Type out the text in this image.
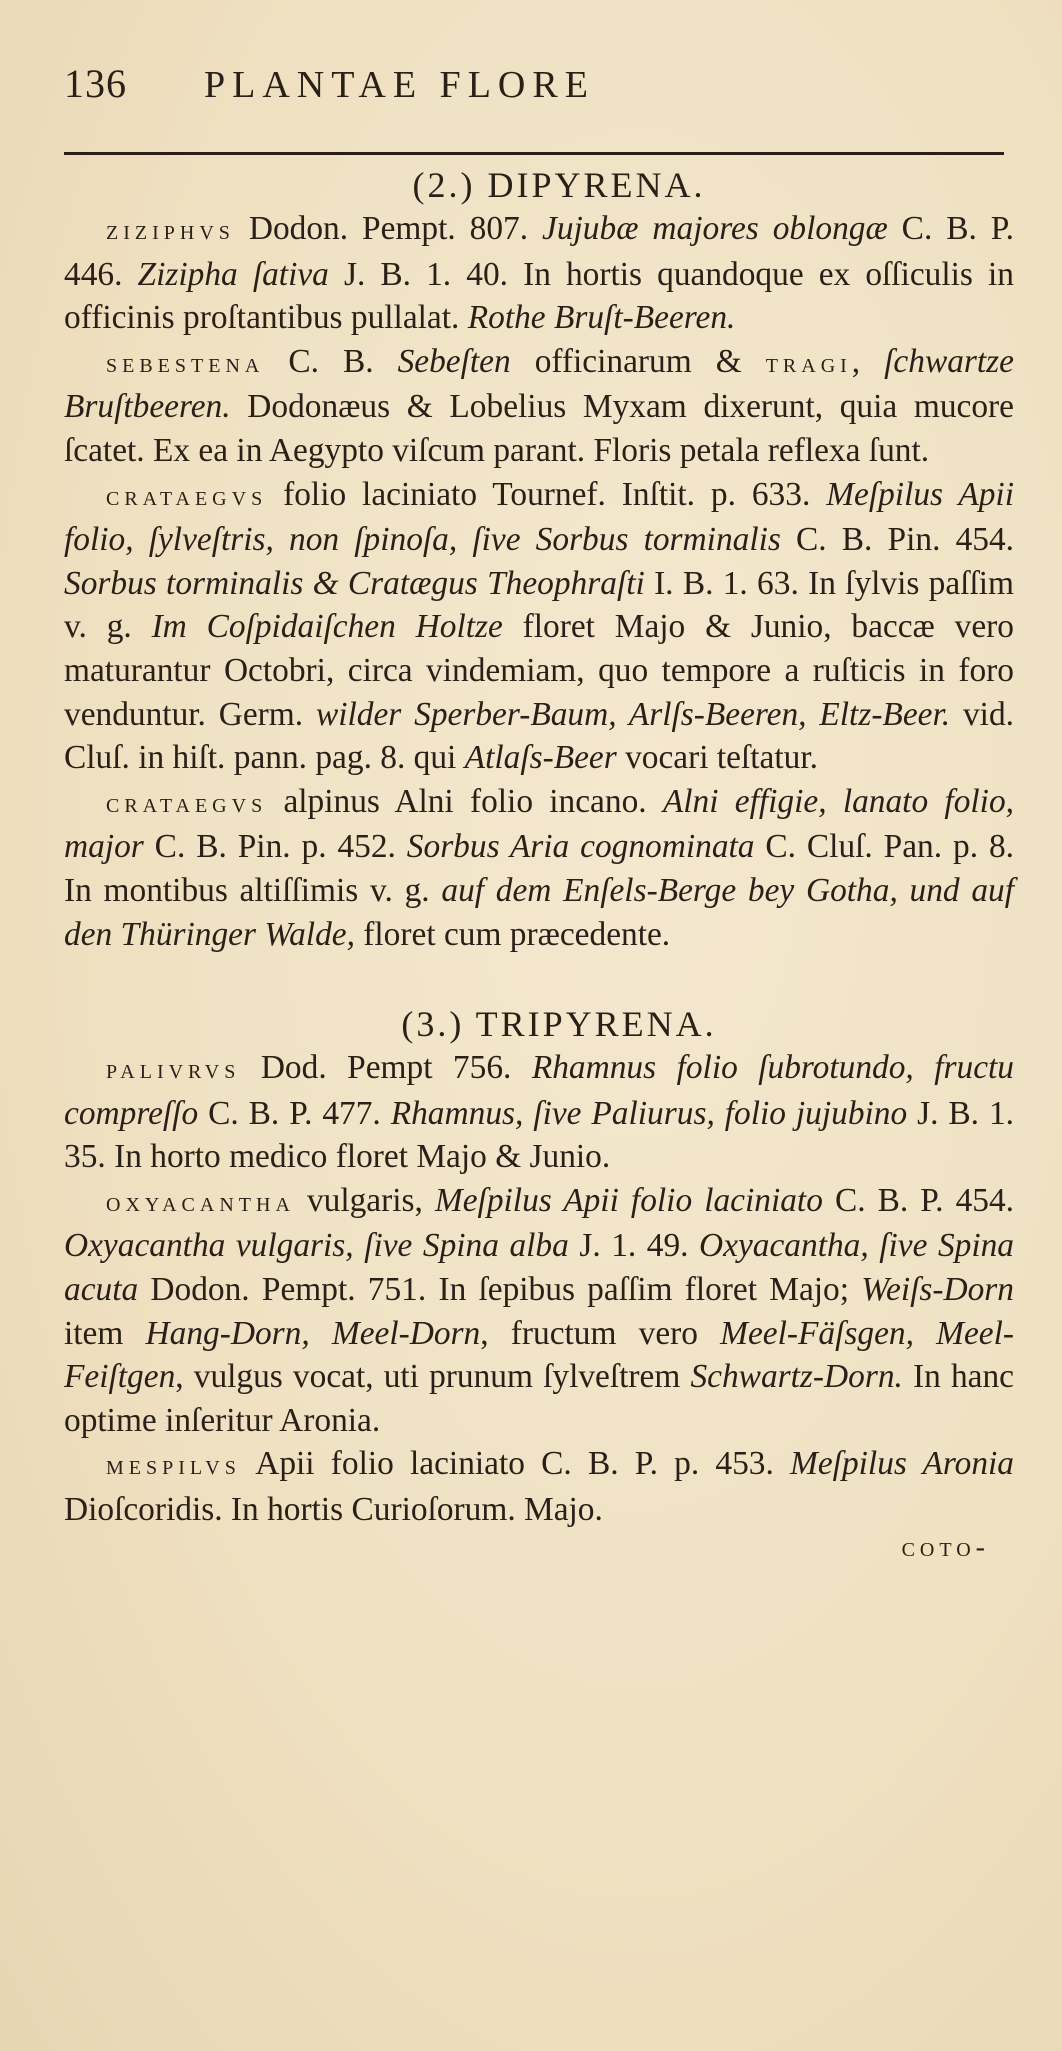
136	PLANTAE FLORE
(2.) DIPYRENA.

ziziphvs Dodon. Pempt. 807. Jujubæ majores oblongæ C. B. P. 446. Zizipha ſativa J. B. 1. 40. In hortis quandoque ex oſſiculis in officinis proſtantibus pullalat. Rothe Bruſt-Beeren.

sebestena C. B. Sebeſten officinarum & tragi, ſchwartze Bruſtbeeren. Dodonæus & Lobelius Myxam dixerunt, quia mucore ſcatet. Ex ea in Aegypto viſcum parant. Floris petala reflexa ſunt.

crataegvs folio laciniato Tournef. Inſtit. p. 633. Meſpilus Apii folio, ſylveſtris, non ſpinoſa, ſive Sorbus torminalis C. B. Pin. 454. Sorbus torminalis & Cratægus Theophraſti I. B. 1. 63. In ſylvis paſſim v. g. Im Coſpidaiſchen Holtze floret Majo & Junio, baccæ vero maturantur Octobri, circa vindemiam, quo tempore a ruſticis in foro venduntur. Germ. wilder Sperber-Baum, Arlſs-Beeren, Eltz-Beer. vid. Cluſ. in hiſt. pann. pag. 8. qui Atlaſs-Beer vocari teſtatur.

crataegvs alpinus Alni folio incano. Alni effigie, lanato folio, major C. B. Pin. p. 452. Sorbus Aria cognominata C. Cluſ. Pan. p. 8. In montibus altiſſimis v. g. auf dem Enſels-Berge bey Gotha, und auf den Thüringer Walde, floret cum præcedente.

(3.) TRIPYRENA.

palivrvs Dod. Pempt 756. Rhamnus folio ſubrotundo, fructu compreſſo C. B. P. 477. Rhamnus, ſive Paliurus, folio jujubino J. B. 1. 35. In horto medico floret Majo & Junio.

oxyacantha vulgaris, Meſpilus Apii folio laciniato C. B. P. 454. Oxyacantha vulgaris, ſive Spina alba J. 1. 49. Oxyacantha, ſive Spina acuta Dodon. Pempt. 751. In ſepibus paſſim floret Majo; Weiſs-Dorn item Hang-Dorn, Meel-Dorn, fructum vero Meel-Fäſsgen, Meel-Feiſtgen, vulgus vocat, uti prunum ſylveſtrem Schwartz-Dorn. In hanc optime inſeritur Aronia.

mespilvs Apii folio laciniato C. B. P. p. 453. Meſpilus Aronia Dioſcoridis. In hortis Curioſorum. Majo.

coto-
